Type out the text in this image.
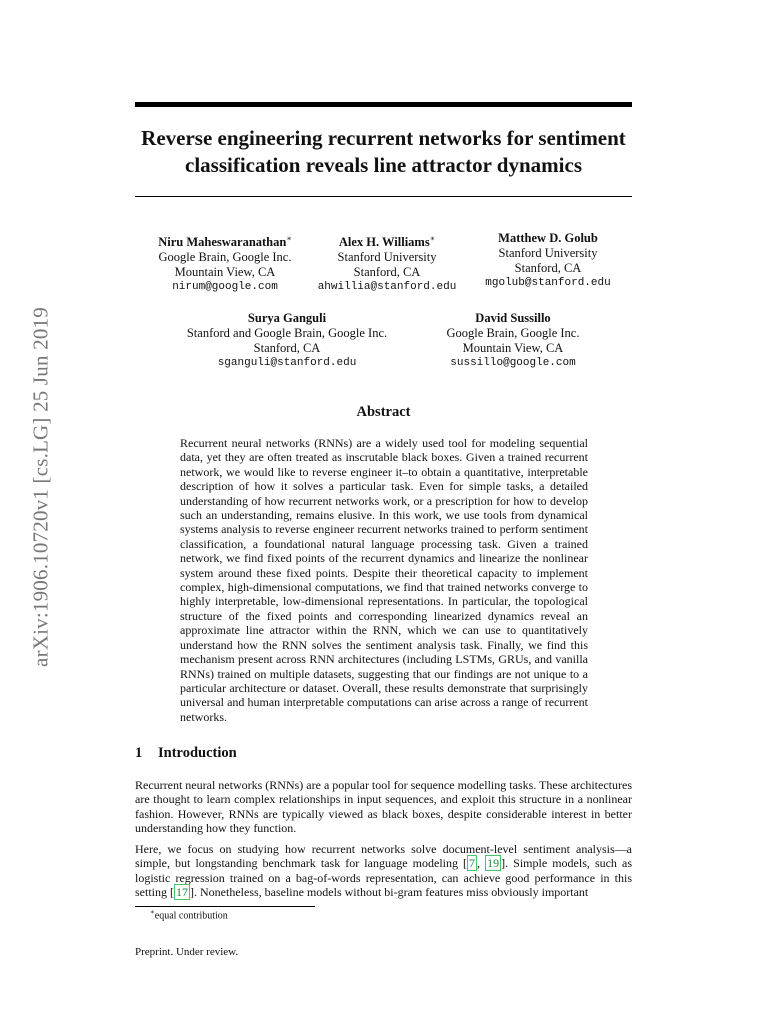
arXiv:1906.10720v1 [cs.LG] 25 Jun 2019
Reverse engineering recurrent networks for sentiment
classification reveals line attractor dynamics
Niru Maheswaranathan∗
Google Brain, Google Inc.
Mountain View, CA
nirum@google.com
Alex H. Williams∗
Stanford University
Stanford, CA
ahwillia@stanford.edu
Matthew D. Golub
Stanford University
Stanford, CA
mgolub@stanford.edu
Surya Ganguli
Stanford and Google Brain, Google Inc.
Stanford, CA
sganguli@stanford.edu
David Sussillo
Google Brain, Google Inc.
Mountain View, CA
sussillo@google.com
Abstract

Recurrent neural networks (RNNs) are a widely used tool for modeling sequential data, yet they are often treated as inscrutable black boxes. Given a trained recurrent network, we would like to reverse engineer it–to obtain a quantitative, interpretable description of how it solves a particular task. Even for simple tasks, a detailed understanding of how recurrent networks work, or a prescription for how to develop such an understanding, remains elusive. In this work, we use tools from dynamical systems analysis to reverse engineer recurrent networks trained to perform sentiment classification, a foundational natural language processing task. Given a trained network, we find fixed points of the recurrent dynamics and linearize the nonlinear system around these fixed points. Despite their theoretical capacity to implement complex, high-dimensional computations, we find that trained networks converge to highly interpretable, low-dimensional representations. In particular, the topological structure of the fixed points and corresponding linearized dynamics reveal an approximate line attractor within the RNN, which we can use to quantitatively understand how the RNN solves the sentiment analysis task. Finally, we find this mechanism present across RNN architectures (including LSTMs, GRUs, and vanilla RNNs) trained on multiple datasets, suggesting that our findings are not unique to a particular architecture or dataset. Overall, these results demonstrate that surprisingly universal and human interpretable computations can arise across a range of recurrent networks.

1 Introduction

Recurrent neural networks (RNNs) are a popular tool for sequence modelling tasks. These architectures are thought to learn complex relationships in input sequences, and exploit this structure in a nonlinear fashion. However, RNNs are typically viewed as black boxes, despite considerable interest in better understanding how they function.

Here, we focus on studying how recurrent networks solve document-level sentiment analysis—a simple, but longstanding benchmark task for language modeling [ 7 , 19 ]. Simple models, such as logistic regression trained on a bag-of-words representation, can achieve good performance in this setting [ 17 ]. Nonetheless, baseline models without bi-gram features miss obviously important

∗equal contribution

Preprint. Under review.
